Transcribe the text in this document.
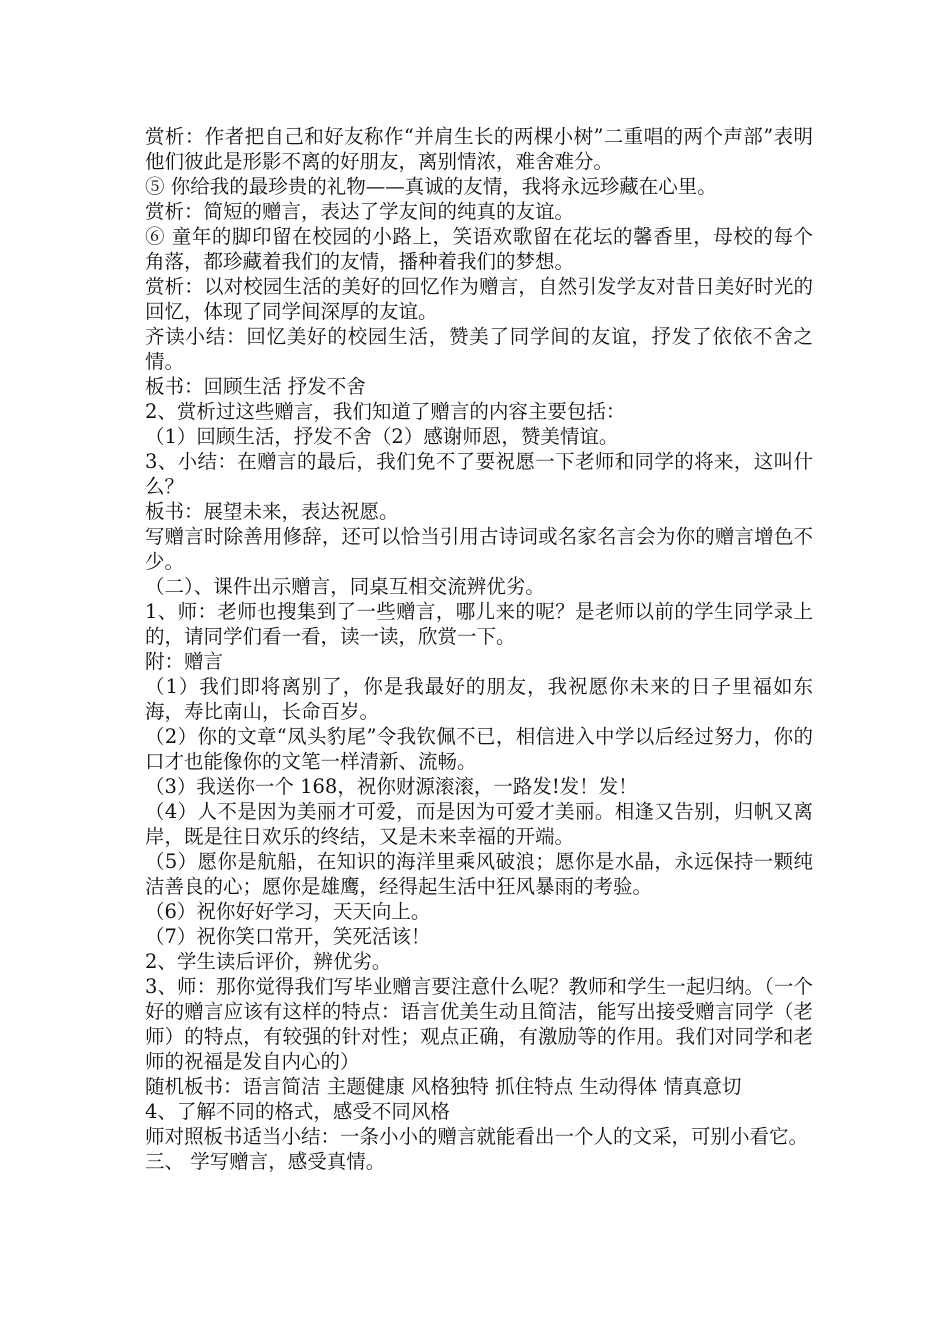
赏析：作者把自己和好友称作“并肩生长的两棵小树”二重唱的两个声部”表明他们彼此是形影不离的好朋友，离别情浓，难舍难分。

⑤ 你给我的最珍贵的礼物——真诚的友情，我将永远珍藏在心里。

赏析：简短的赠言，表达了学友间的纯真的友谊。

⑥ 童年的脚印留在校园的小路上，笑语欢歌留在花坛的馨香里，母校的每个角落，都珍藏着我们的友情，播种着我们的梦想。

赏析：以对校园生活的美好的回忆作为赠言，自然引发学友对昔日美好时光的回忆，体现了同学间深厚的友谊。

齐读小结：回忆美好的校园生活，赞美了同学间的友谊，抒发了依依不舍之情。

板书：回顾生活 抒发不舍

2、赏析过这些赠言，我们知道了赠言的内容主要包括：

（1）回顾生活，抒发不舍（2）感谢师恩，赞美情谊。

3、小结：在赠言的最后，我们免不了要祝愿一下老师和同学的将来，这叫什么？

板书：展望未来，表达祝愿。

写赠言时除善用修辞，还可以恰当引用古诗词或名家名言会为你的赠言增色不少。

（二）、课件出示赠言，同桌互相交流辨优劣。

1、师：老师也搜集到了一些赠言，哪儿来的呢？是老师以前的学生同学录上的，请同学们看一看，读一读，欣赏一下。

附：赠言

（1）我们即将离别了，你是我最好的朋友，我祝愿你未来的日子里福如东海，寿比南山，长命百岁。

（2）你的文章“凤头豹尾”令我钦佩不已，相信进入中学以后经过努力，你的口才也能像你的文笔一样清新、流畅。

（3）我送你一个 168，祝你财源滚滚，一路发!发！发！

（4）人不是因为美丽才可爱，而是因为可爱才美丽。相逢又告别，归帆又离岸，既是往日欢乐的终结，又是未来幸福的开端。

（5）愿你是航船，在知识的海洋里乘风破浪；愿你是水晶，永远保持一颗纯洁善良的心；愿你是雄鹰，经得起生活中狂风暴雨的考验。

（6）祝你好好学习，天天向上。

（7）祝你笑口常开，笑死活该！

2、学生读后评价，辨优劣。

3、师：那你觉得我们写毕业赠言要注意什么呢？教师和学生一起归纳。（一个好的赠言应该有这样的特点：语言优美生动且简洁，能写出接受赠言同学（老师）的特点，有较强的针对性；观点正确，有激励等的作用。我们对同学和老师的祝福是发自内心的）

随机板书：语言简洁 主题健康 风格独特 抓住特点 生动得体 情真意切

4、了解不同的格式，感受不同风格

师对照板书适当小结：一条小小的赠言就能看出一个人的文采，可别小看它。

三、 学写赠言，感受真情。
